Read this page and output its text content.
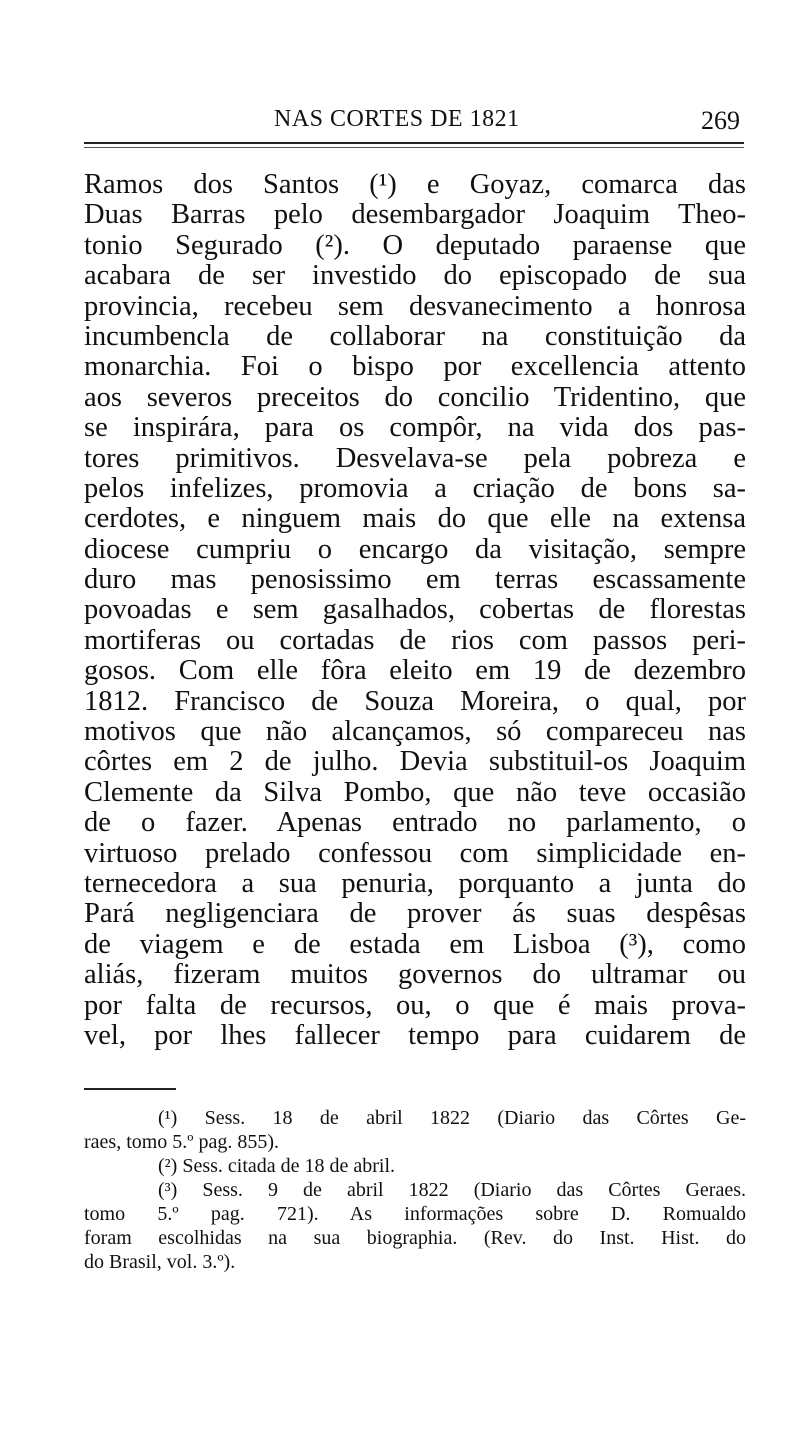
NAS CORTES DE 1821	269
Ramos dos Santos (¹) e Goyaz, comarca das
Duas Barras pelo desembargador Joaquim Theo-
tonio Segurado (²). O deputado paraense que
acabara de ser investido do episcopado de sua
provincia, recebeu sem desvanecimento a honrosa
incumbencla de collaborar na constituição da
monarchia. Foi o bispo por excellencia attento
aos severos preceitos do concilio Tridentino, que
se inspirára, para os compôr, na vida dos pas-
tores primitivos. Desvelava-se pela pobreza e
pelos infelizes, promovia a criação de bons sa-
cerdotes, e ninguem mais do que elle na extensa
diocese cumpriu o encargo da visitação, sempre
duro mas penosissimo em terras escassamente
povoadas e sem gasalhados, cobertas de florestas
mortiferas ou cortadas de rios com passos peri-
gosos. Com elle fôra eleito em 19 de dezembro
1812. Francisco de Souza Moreira, o qual, por
motivos que não alcançamos, só compareceu nas
côrtes em 2 de julho. Devia substituil-os Joaquim
Clemente da Silva Pombo, que não teve occasião
de o fazer. Apenas entrado no parlamento, o
virtuoso prelado confessou com simplicidade en-
ternecedora a sua penuria, porquanto a junta do
Pará negligenciara de prover ás suas despêsas
de viagem e de estada em Lisboa (³), como
aliás, fizeram muitos governos do ultramar ou
por falta de recursos, ou, o que é mais prova-
vel, por lhes fallecer tempo para cuidarem de
(¹) Sess. 18 de abril 1822 (Diario das Côrtes Ge-
raes, tomo 5.º pag. 855).
(²) Sess. citada de 18 de abril.
(³) Sess. 9 de abril 1822 (Diario das Côrtes Geraes.
tomo 5.º pag. 721). As informações sobre D. Romualdo
foram escolhidas na sua biographia. (Rev. do Inst. Hist. do
do Brasil, vol. 3.º).
